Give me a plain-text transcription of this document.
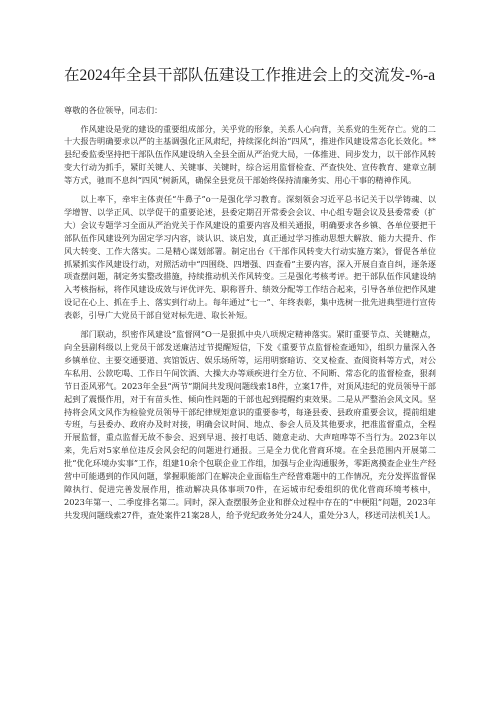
在2024年全县干部队伍建设工作推进会上的交流发-%-a

尊敬的各位领导，同志们：

作风建设是党的建设的重要组成部分，关乎党的形象，关系人心向背，关系党的生死存亡。党的二十大报告明确要求以严的主基调强化正风肃纪，持续深化纠治“四风”，推进作风建设常态化长效化。**县纪委监委坚持把干部队伍作风建设纳入全县全面从严治党大局，一体推进、同步发力，以干部作风转变大行动为抓手，紧盯关键人、关键事、关键时，综合运用监督检查、严查快处、宣传教育、建章立制等方式，驰而不息纠“四风”树新风，确保全县党员干部始终保持清廉务实、用心干事的精神作风。

以上率下，牵牢主体责任“牛鼻子”o一是强化学习教育。深刻领会习近平总书记关于以学铸魂、以学增智、以学正风、以学促干的重要论述，县委定期召开常委会会议、中心组专题会议及县委常委（扩大）会议专题学习全面从严治党关于作风建设的重要内容及相关通报，明确要求各乡镇、各单位要把干部队伍作风建设列为固定学习内容，谈认识、谈启发，真正通过学习推动思想大解放、能力大提升、作风大转变、工作大落实。二是精心谋划部署。制定出台《干部作风转变大行动实施方案》，督促各单位抓紧抓实作风建设行动，对照活动中“四围绕、四增强、四查看”主要内容，深入开展自查自纠，逐条逐项查摆问题，制定务实整改措施，持续推动机关作风转变。三是强化考核考评。把干部队伍作风建设纳入考核指标，将作风建设成效与评优评先、职称晋升、绩效分配等工作结合起来，引导各单位把作风建设记在心上、抓在手上、落实到行动上。每年通过“七一”、年终表彰，集中选树一批先进典型进行宣传表彰，引导广大党员干部自觉对标先进、取长补短。

部门联动，织密作风建设“监督网”O一是狠抓中央八项规定精神落实。紧盯重要节点、关键糖点，向全县副科级以上党员干部发送廉洁过节提醒短信，下发《重要节点监督检查通知》，组织力量深入各乡镇单位、主要交通要道、宾馆饭店、娱乐场所等，运用明察暗访、交叉检查、查阅资料等方式，对公车私用、公款吃喝、工作日午间饮酒、大操大办等顽疾进行全方位、不间断、常态化的监督检查，狠刹节日歪风邪气。2023年全县“两节”期间共发现问题线索18件，立案17件，对顶风违纪的党员领导干部起到了震慑作用，对于有苗头性、倾向性问题的干部也起到提醒约束效果。二是从严整治会风文风。坚持将会风文风作为检验党员领导干部纪律规矩意识的重要参考，每逢县委、县政府重要会议，提前组建专班，与县委办、政府办及时对接，明确会议时间、地点、参会人员及其他要求，把准监督重点，全程开展监督，重点监督无故不参会、迟到早退、接打电话、随意走动、大声喧哗等不当行为。2023年以来，先后对5家单位违反会风会纪的问题进行通报。三是全力优化营商环境。在全县范围内开展第二批“优化环境办实事”工作，组建10余个包联企业工作组，加强与企业沟通服务，零距离摸查企业生产经营中可能遇到的作风问题，掌握职能部门在解决企业面临生产经营难题中的工作情况，充分发挥监督保障执行、促进完善发展作用，推动解决具体事项70件，在运城市纪委组织的优化营商环境考核中，2023年第一、二季度排名第二。同时，深入查摆服务企业和群众过程中存在的“中梗阻”问题，2023年共发现问题线索27件，查处案件21案28人，给予党纪政务处分24人，重处分3人，移送司法机关1人。
